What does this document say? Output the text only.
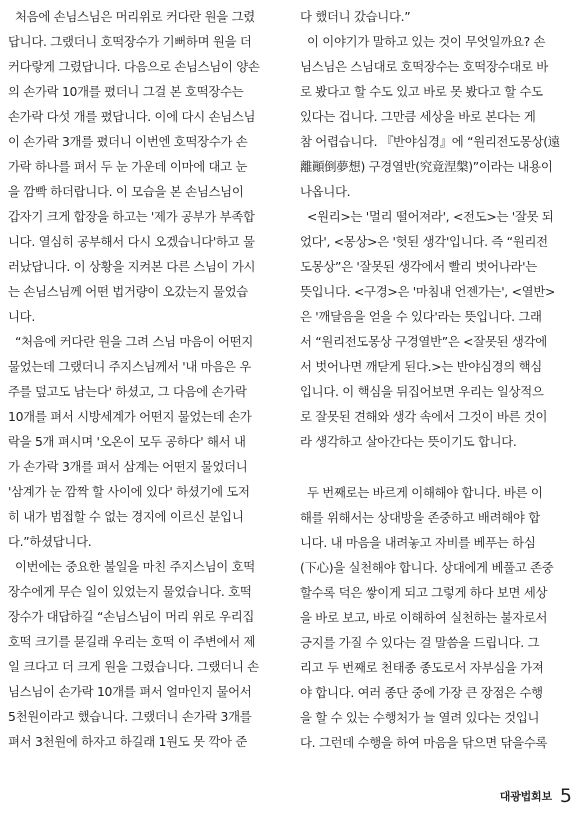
처음에 손님스님은 머리위로 커다란 원을 그렸
답니다. 그랬더니 호떡장수가 기뻐하며 원을 더
커다랗게 그렸답니다. 다음으로 손님스님이 양손
의 손가락 10개를 폈더니 그걸 본 호떡장수는
손가락 다섯 개를 폈답니다. 이에 다시 손님스님
이 손가락 3개를 폈더니 이번엔 호떡장수가 손
가락 하나를 펴서 두 눈 가운데 이마에 대고 눈
을 깜빡 하더랍니다. 이 모습을 본 손님스님이
갑자기 크게 합장을 하고는 '제가 공부가 부족합
니다. 열심히 공부해서 다시 오겠습니다'하고 물
러났답니다. 이 상황을 지켜본 다른 스님이 가시
는 손님스님께 어떤 법거량이 오갔는지 물었습
니다.
“처음에 커다란 원을 그려 스님 마음이 어떤지
물었는데 그랬더니 주지스님께서 '내 마음은 우
주를 덮고도 남는다' 하셨고, 그 다음에 손가락
10개를 펴서 시방세계가 어떤지 물었는데 손가
락을 5개 펴시며 '오온이 모두 공하다' 해서 내
가 손가락 3개를 펴서 삼계는 어떤지 물었더니
'삼계가 눈 깜짝 할 사이에 있다' 하셨기에 도저
히 내가 범접할 수 없는 경지에 이르신 분입니
다.”하셨답니다.
이번에는 중요한 불일을 마친 주지스님이 호떡
장수에게 무슨 일이 있었는지 물었습니다. 호떡
장수가 대답하길 “손님스님이 머리 위로 우리집
호떡 크기를 묻길래 우리는 호떡 이 주변에서 제
일 크다고 더 크게 원을 그렸습니다. 그랬더니 손
님스님이 손가락 10개를 펴서 얼마인지 물어서
5천원이라고 했습니다. 그랬더니 손가락 3개를
펴서 3천원에 하자고 하길래 1원도 못 깍아 준
다 했더니 갔습니다.”
이 이야기가 말하고 있는 것이 무엇일까요? 손
님스님은 스님대로 호떡장수는 호떡장수대로 바
로 봤다고 할 수도 있고 바로 못 봤다고 할 수도
있다는 겁니다. 그만큼 세상을 바로 본다는 게
참 어렵습니다. 『반야심경』에 “원리전도몽상(遠
離顚倒夢想) 구경열반(究竟涅槃)”이라는 내용이
나옵니다.
<원리>는 '멀리 떨어져라', <전도>는 '잘못 되
었다', <몽상>은 '헛된 생각'입니다. 즉 “원리전
도몽상”은 '잘못된 생각에서 빨리 벗어나라'는
뜻입니다. <구경>은 '마침내 언젠가는', <열반>
은 '깨달음을 얻을 수 있다'라는 뜻입니다. 그래
서 “원리전도몽상 구경열반”은 <잘못된 생각에
서 벗어나면 깨닫게 된다.>는 반야심경의 핵심
입니다. 이 핵심을 뒤집어보면 우리는 일상적으
로 잘못된 견해와 생각 속에서 그것이 바른 것이
라 생각하고 살아간다는 뜻이기도 합니다.
두 번째로는 바르게 이해해야 합니다. 바른 이
해를 위해서는 상대방을 존중하고 배려해야 합
니다. 내 마음을 내려놓고 자비를 베푸는 하심
(下心)을 실천해야 합니다. 상대에게 베풀고 존중
할수록 덕은 쌓이게 되고 그렇게 하다 보면 세상
을 바로 보고, 바로 이해하여 실천하는 불자로서
긍지를 가질 수 있다는 걸 말씀을 드립니다. 그
리고 두 번째로 천태종 종도로서 자부심을 가져
야 합니다. 여러 종단 중에 가장 큰 장점은 수행
을 할 수 있는 수행처가 늘 열려 있다는 것입니
다. 그런데 수행을 하여 마음을 닦으면 닦을수록
대광법회보 5
